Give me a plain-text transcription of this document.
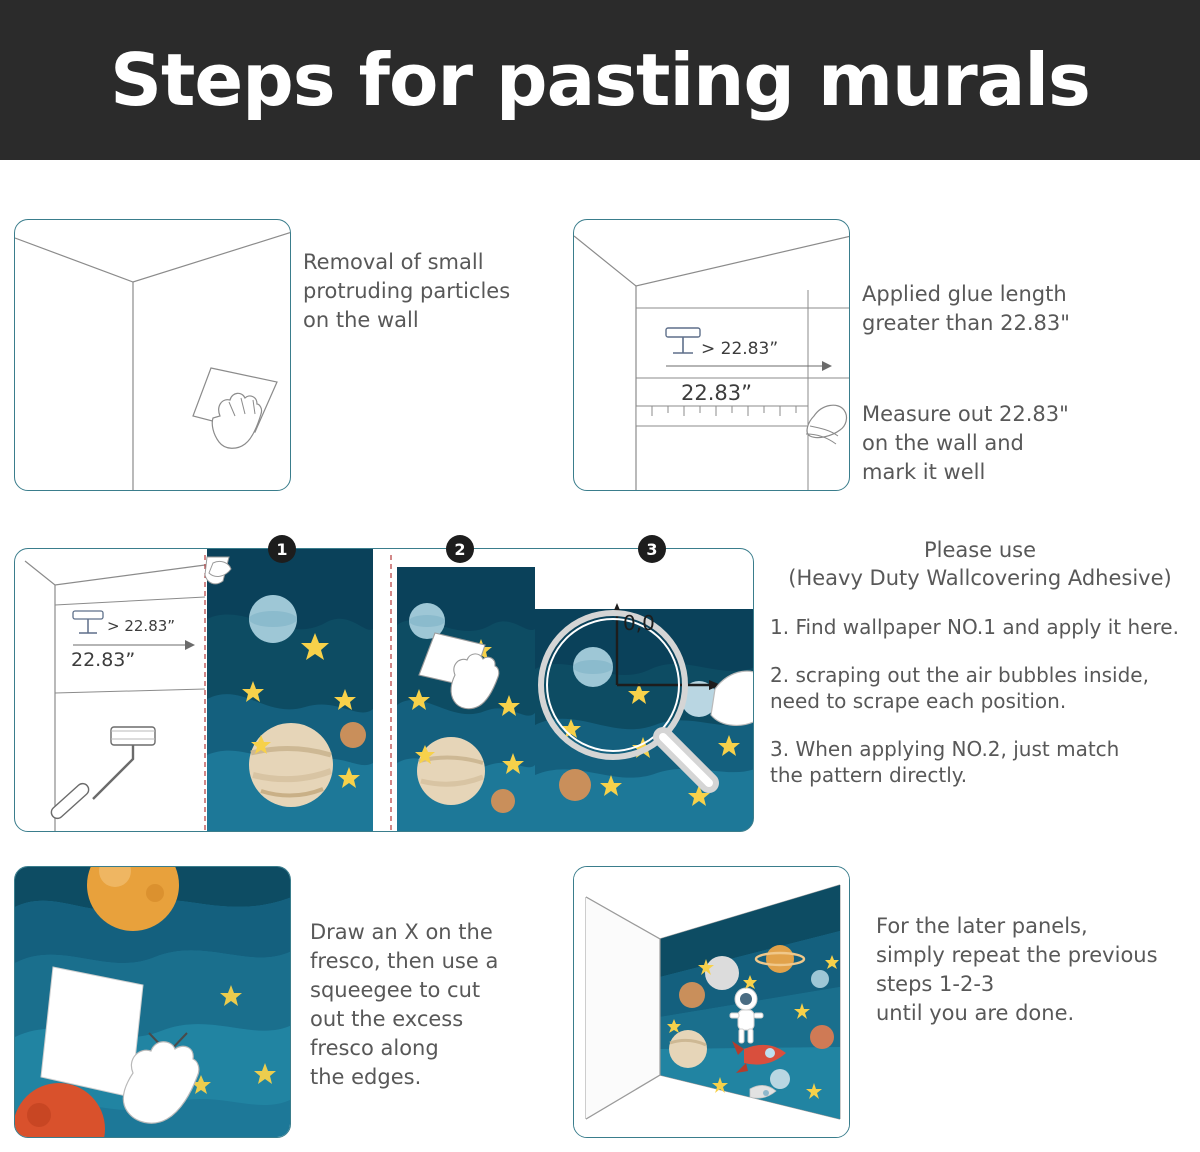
Steps for pasting murals
Removal of small
protruding particles
on the wall
> 22.83”
22.83”
Applied glue length
greater than 22.83"
Measure out 22.83"
on the wall and
mark it well
1	2	3
> 22.83”
22.83”
0,0
Please use
(Heavy Duty Wallcovering Adhesive)
1. Find wallpaper NO.1 and apply it here.
2. scraping out the air bubbles inside,
need to scrape each position.
3. When applying NO.2, just match
the pattern directly.
Draw an X on the
fresco, then use a
squeegee to cut
out the excess
fresco along
the edges.
For the later panels,
simply repeat the previous
steps 1-2-3
until you are done.
